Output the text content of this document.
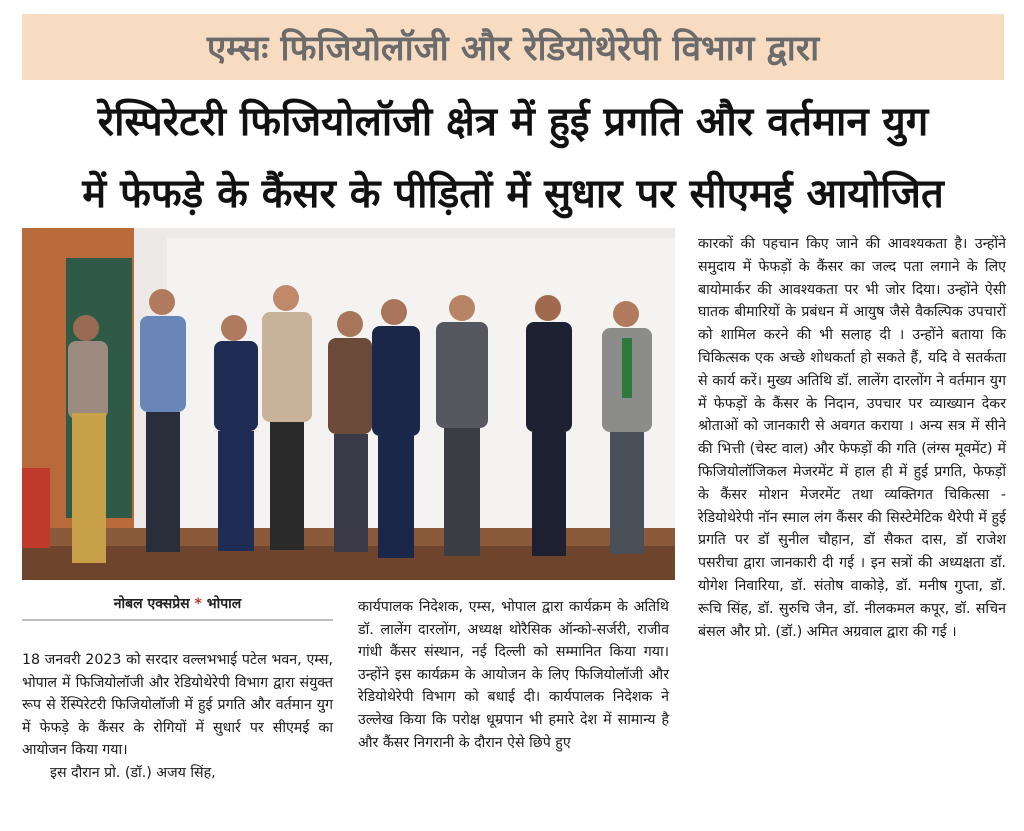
एम्सः फिजियोलॉजी और रेडियोथेरेपी विभाग द्वारा
रेस्पिरेटरी फिजियोलॉजी क्षेत्र में हुई प्रगति और वर्तमान युग
में फेफड़े के कैंसर के पीड़ितों में सुधार पर सीएमई आयोजित
नोबल एक्सप्रेस * भोपाल

18 जनवरी 2023 को सरदार वल्लभभाई पटेल भवन, एम्स, भोपाल में फिजियोलॉजी और रेडियोथेरेपी विभाग द्वारा संयुक्त रूप से र्रेस्पिरेटरी फिजियोलॉजी में हुई प्रगति और वर्तमान युग में फेफड़े के कैंसर के रोगियों में सुधार्र पर सीएमई का आयोजन किया गया।

इस दौरान प्रो. (डॉ.) अजय सिंह,

कार्यपालक निदेशक, एम्स, भोपाल द्वारा कार्यक्रम के अतिथि डॉ. लालेंग दारलोंग, अध्यक्ष थोरैसिक ऑन्को-सर्जरी, राजीव गांधी कैंसर संस्थान, नई दिल्ली को सम्मानित किया गया। उन्होंने इस कार्यक्रम के आयोजन के लिए फिजियोलॉजी और रेडियोथेरेपी विभाग को बधाई दी। कार्यपालक निदेशक ने उल्लेख किया कि परोक्ष धूम्रपान भी हमारे देश में सामान्य है और कैंसर निगरानी के दौरान ऐसे छिपे हुए

कारकों की पहचान किए जाने की आवश्यकता है। उन्होंने समुदाय में फेफड़ों के कैंसर का जल्द पता लगाने के लिए बायोमार्कर की आवश्यकता पर भी जोर दिया। उन्होंने ऐसी घातक बीमारियों के प्रबंधन में आयुष जैसे वैकल्पिक उपचारों को शामिल करने की भी सलाह दी । उन्होंने बताया कि चिकित्सक एक अच्छे शोधकर्ता हो सकते हैं, यदि वे सतर्कता से कार्य करें। मुख्य अतिथि डॉ. लालेंग दारलोंग ने वर्तमान युग में फेफड़ों के कैंसर के निदान, उपचार पर व्याख्यान देकर श्रोताओं को जानकारी से अवगत कराया । अन्य सत्र में सीने की भित्ती (चेस्ट वाल) और फेफड़ों की गति (लंग्स मूवमेंट) में फिजियोलॉजिकल मेजरमेंट में हाल ही में हुई प्रगति, फेफड़ों के कैंसर मोशन मेजरमेंट तथा व्यक्तिगत चिकित्सा - रेडियोथेरेपी नॉन स्माल लंग कैंसर की सिस्टेमेटिक थैरेपी में हुई प्रगति पर डॉ सुनील चौहान, डॉ सैकत दास, डॉ राजेश पसरीचा द्वारा जानकारी दी गई । इन सत्रों की अध्यक्षता डॉ. योगेश निवारिया, डॉ. संतोष वाकोड़े, डॉ. मनीष गुप्ता, डॉ. रूचि सिंह, डॉ. सुरुचि जैन, डॉ. नीलकमल कपूर, डॉ. सचिन बंसल और प्रो. (डॉ.) अमित अग्रवाल द्वारा की गई ।
